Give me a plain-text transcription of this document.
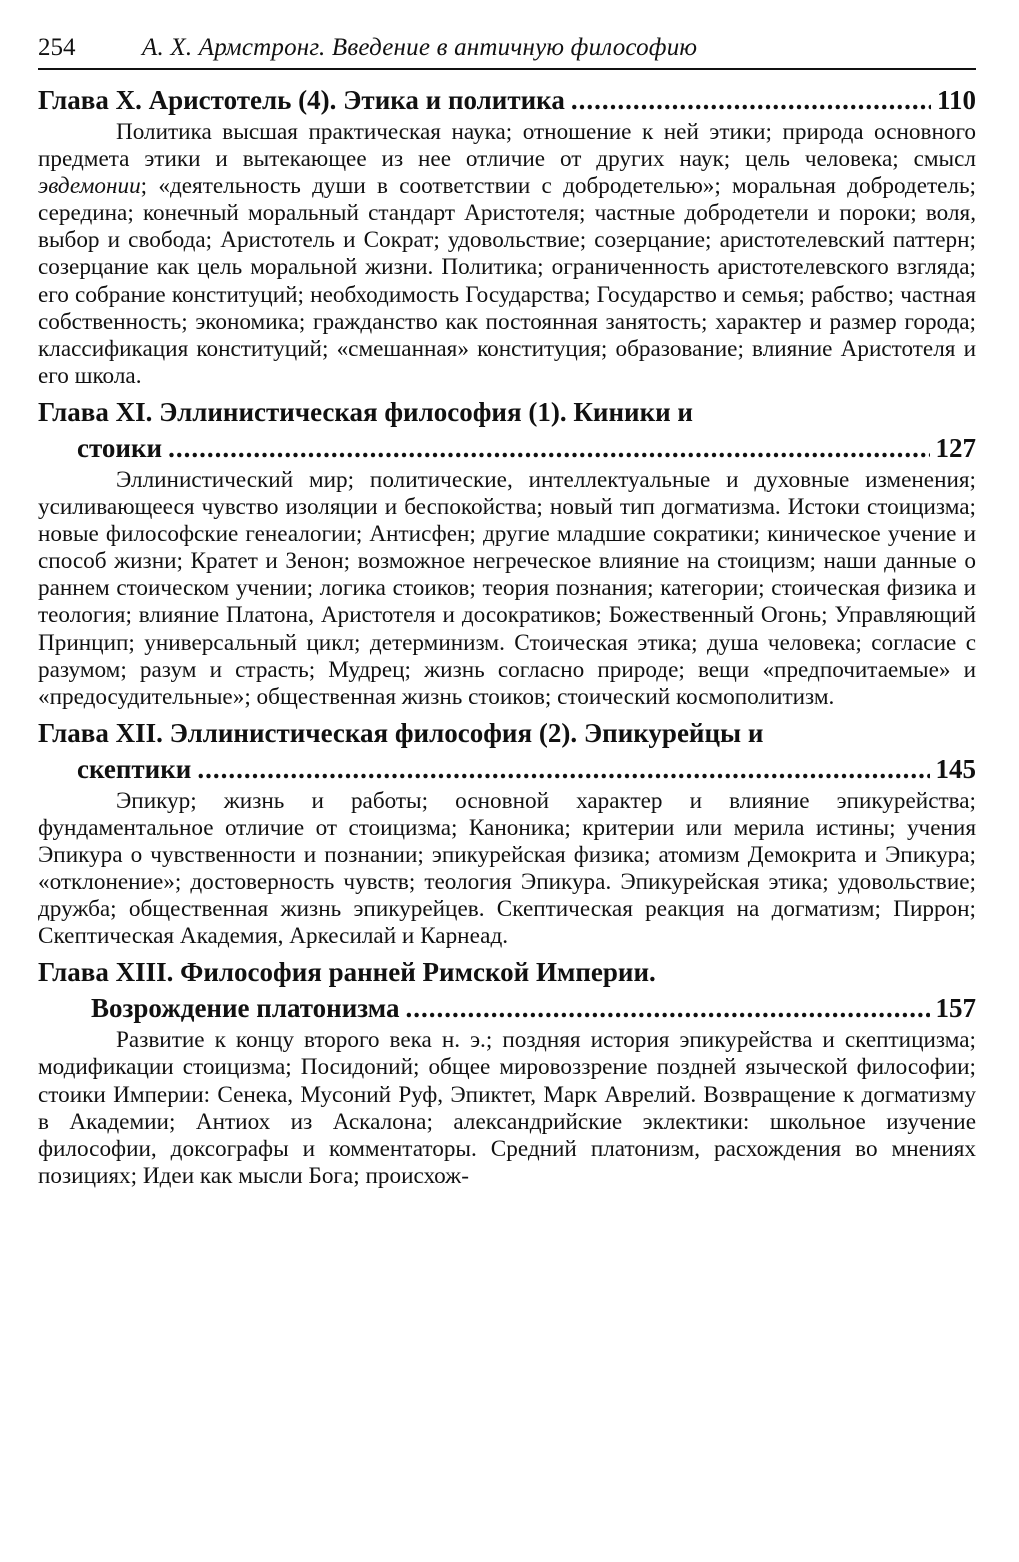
254	А. Х. Армстронг. Введение в античную философию
Глава X. Аристотель (4). Этика и политика .....	110

Политика высшая практическая наука; отношение к ней этики; природа основного предмета этики и вытекающее из нее отличие от других наук; цель человека; смысл эвдемонии; «деятельность души в соответствии с добродетелью»; моральная добродетель; середина; конечный моральный стандарт Аристотеля; частные добродетели и пороки; воля, выбор и свобода; Аристотель и Сократ; удовольствие; созерцание; аристотелевский паттерн; созерцание как цель моральной жизни. Политика; ограниченность аристотелевского взгляда; его собрание конституций; необходимость Государства; Государство и семья; рабство; частная собственность; экономика; гражданство как постоянная занятость; характер и размер города; классификация конституций; «смешанная» конституция; образование; влияние Аристотеля и его школа.

Глава XI. Эллинистическая философия (1). Киники и
стоики .....	127

Эллинистический мир; политические, интеллектуальные и духовные изменения; усиливающееся чувство изоляции и беспокойства; новый тип догматизма. Истоки стоицизма; новые философские генеалогии; Антисфен; другие младшие сократики; киническое учение и способ жизни; Кратет и Зенон; возможное негреческое влияние на стоицизм; наши данные о раннем стоическом учении; логика стоиков; теория познания; категории; стоическая физика и теология; влияние Платона, Аристотеля и досократиков; Божественный Огонь; Управляющий Принцип; универсальный цикл; детерминизм. Стоическая этика; душа человека; согласие с разумом; разум и страсть; Мудрец; жизнь согласно природе; вещи «предпочитаемые» и «предосудительные»; общественная жизнь стоиков; стоический космополитизм.

Глава XII. Эллинистическая философия (2). Эпикурейцы и
скептики .....	145

Эпикур; жизнь и работы; основной характер и влияние эпикурейства; фундаментальное отличие от стоицизма; Каноника; критерии или мерила истины; учения Эпикура о чувственности и познании; эпикурейская физика; атомизм Демокрита и Эпикура; «отклонение»; достоверность чувств; теология Эпикура. Эпикурейская этика; удовольствие; дружба; общественная жизнь эпикурейцев. Скептическая реакция на догматизм; Пиррон; Скептическая Академия, Аркесилай и Карнеад.

Глава XIII. Философия ранней Римской Империи.
Возрождение платонизма .....	157

Развитие к концу второго века н. э.; поздняя история эпикурейства и скептицизма; модификации стоицизма; Посидоний; общее мировоззрение поздней языческой философии; стоики Империи: Сенека, Мусоний Руф, Эпиктет, Марк Аврелий. Возвращение к догматизму в Академии; Антиох из Аскалона; александрийские эклектики: школьное изучение философии, доксографы и комментаторы. Средний платонизм, расхождения во мнениях позициях; Идеи как мысли Бога; происхож-
